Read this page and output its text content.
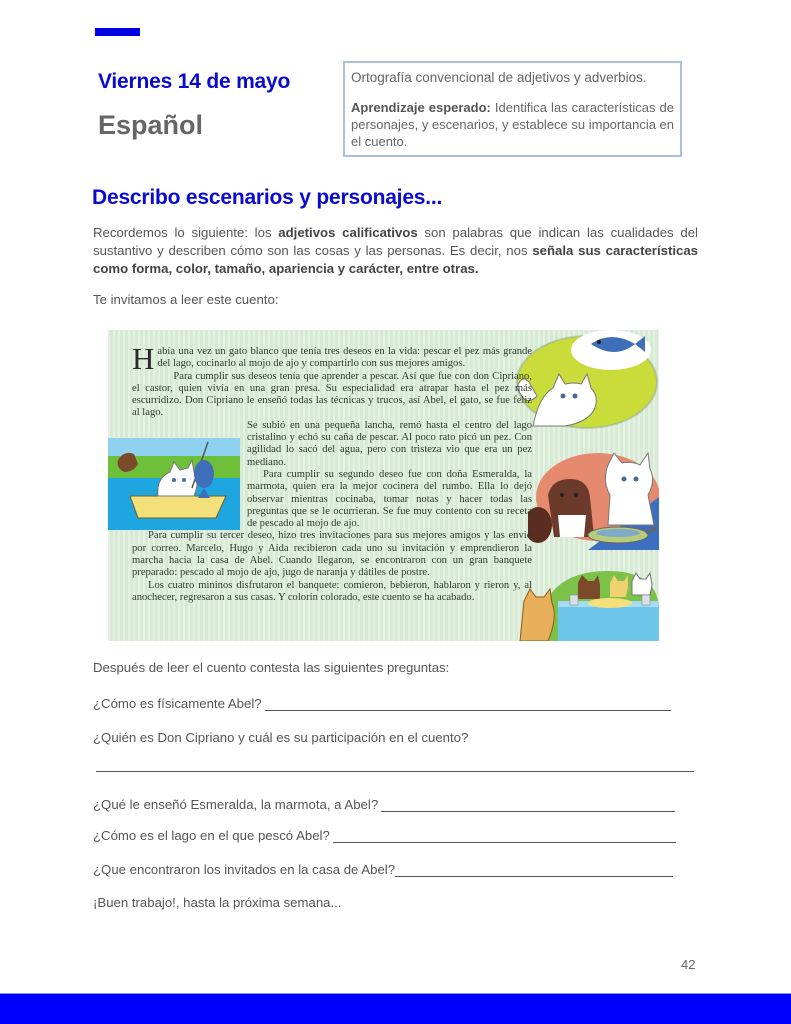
Viernes 14 de mayo
Español

Ortografía convencional de adjetivos y adverbios.

Aprendizaje esperado: Identifica las características de personajes, y escenarios, y establece su importancia en el cuento.

Describo escenarios y personajes...
Recordemos lo siguiente: los adjetivos calificativos son palabras que indican las cualidades del sustantivo y describen cómo son las cosas y las personas. Es decir, nos señala sus características como forma, color, tamaño, apariencia y carácter, entre otras.
Te invitamos a leer este cuento:

Había una vez un gato blanco que tenía tres deseos en la vida: pescar el pez más grande del lago, cocinarlo al mojo de ajo y compartirlo con sus mejores amigos.

Para cumplir sus deseos tenía que aprender a pescar. Así que fue con don Cipriano, el castor, quien vivía en una gran presa. Su especialidad era atrapar hasta el pez más escurridizo. Don Cipriano le enseñó todas las técnicas y trucos, así Abel, el gato, se fue feliz al lago.

Se subió en una pequeña lancha, remó hasta el centro del lago cristalino y echó su caña de pescar. Al poco rato picó un pez. Con agilidad lo sacó del agua, pero con tristeza vio que era un pez mediano.

Para cumplir su segundo deseo fue con doña Esmeralda, la marmota, quien era la mejor cocinera del rumbo. Ella lo dejó observar mientras cocinaba, tomar notas y hacer todas las preguntas que se le ocurrieran. Se fue muy contento con su receta de pescado al mojo de ajo.

Para cumplir su tercer deseo, hizo tres invitaciones para sus mejores amigos y las envió por correo. Marcelo, Hugo y Aída recibieron cada uno su invitación y emprendieron la marcha hacia la casa de Abel. Cuando llegaron, se encontraron con un gran banquete preparado: pescado al mojo de ajo, jugo de naranja y dátiles de postre.

Los cuatro mininos disfrutaron el banquete: comieron, bebieron, hablaron y rieron y, al anochecer, regresaron a sus casas. Y colorín colorado, este cuento se ha acabado.

Después de leer el cuento contesta las siguientes preguntas:
¿Cómo es físicamente Abel?
¿Quién es Don Cipriano y cuál es su participación en el cuento?
¿Qué le enseñó Esmeralda, la marmota, a Abel?
¿Cómo es el lago en el que pescó Abel?
¿Que encontraron los invitados en la casa de Abel?
¡Buen trabajo!, hasta la próxima semana...
42
